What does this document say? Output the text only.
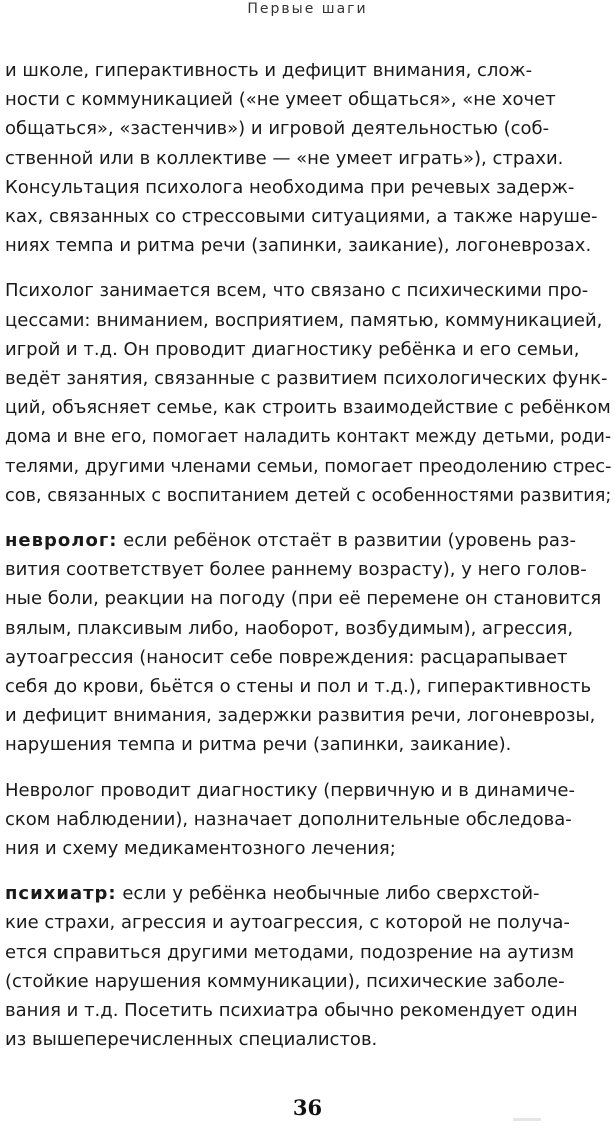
Первые шаги

и школе, гиперактивность и дефицит внимания, слож-
ности с коммуникацией («не умеет общаться», «не хочет
общаться», «застенчив») и игровой деятельностью (соб-
ственной или в коллективе — «не умеет играть»), страхи.
Консультация психолога необходима при речевых задерж-
ках, связанных со стрессовыми ситуациями, а также наруше-
ниях темпа и ритма речи (запинки, заикание), логоневрозах.

Психолог занимается всем, что связано с психическими про-
цессами: вниманием, восприятием, памятью, коммуникацией,
игрой и т.д. Он проводит диагностику ребёнка и его семьи,
ведёт занятия, связанные с развитием психологических функ-
ций, объясняет семье, как строить взаимодействие с ребёнком
дома и вне его, помогает наладить контакт между детьми, роди-
телями, другими членами семьи, помогает преодолению стрес-
сов, связанных с воспитанием детей с особенностями развития;

невролог: если ребёнок отстаёт в развитии (уровень раз-
вития соответствует более раннему возрасту), у него голов-
ные боли, реакции на погоду (при её перемене он становится
вялым, плаксивым либо, наоборот, возбудимым), агрессия,
аутоагрессия (наносит себе повреждения: расцарапывает
себя до крови, бьётся о стены и пол и т.д.), гиперактивность
и дефицит внимания, задержки развития речи, логоневрозы,
нарушения темпа и ритма речи (запинки, заикание).

Невролог проводит диагностику (первичную и в динамиче-
ском наблюдении), назначает дополнительные обследова-
ния и схему медикаментозного лечения;

психиатр: если у ребёнка необычные либо сверхстой-
кие страхи, агрессия и аутоагрессия, с которой не получа-
ется справиться другими методами, подозрение на аутизм
(стойкие нарушения коммуникации), психические заболе-
вания и т.д. Посетить психиатра обычно рекомендует один
из вышеперечисленных специалистов.

36
